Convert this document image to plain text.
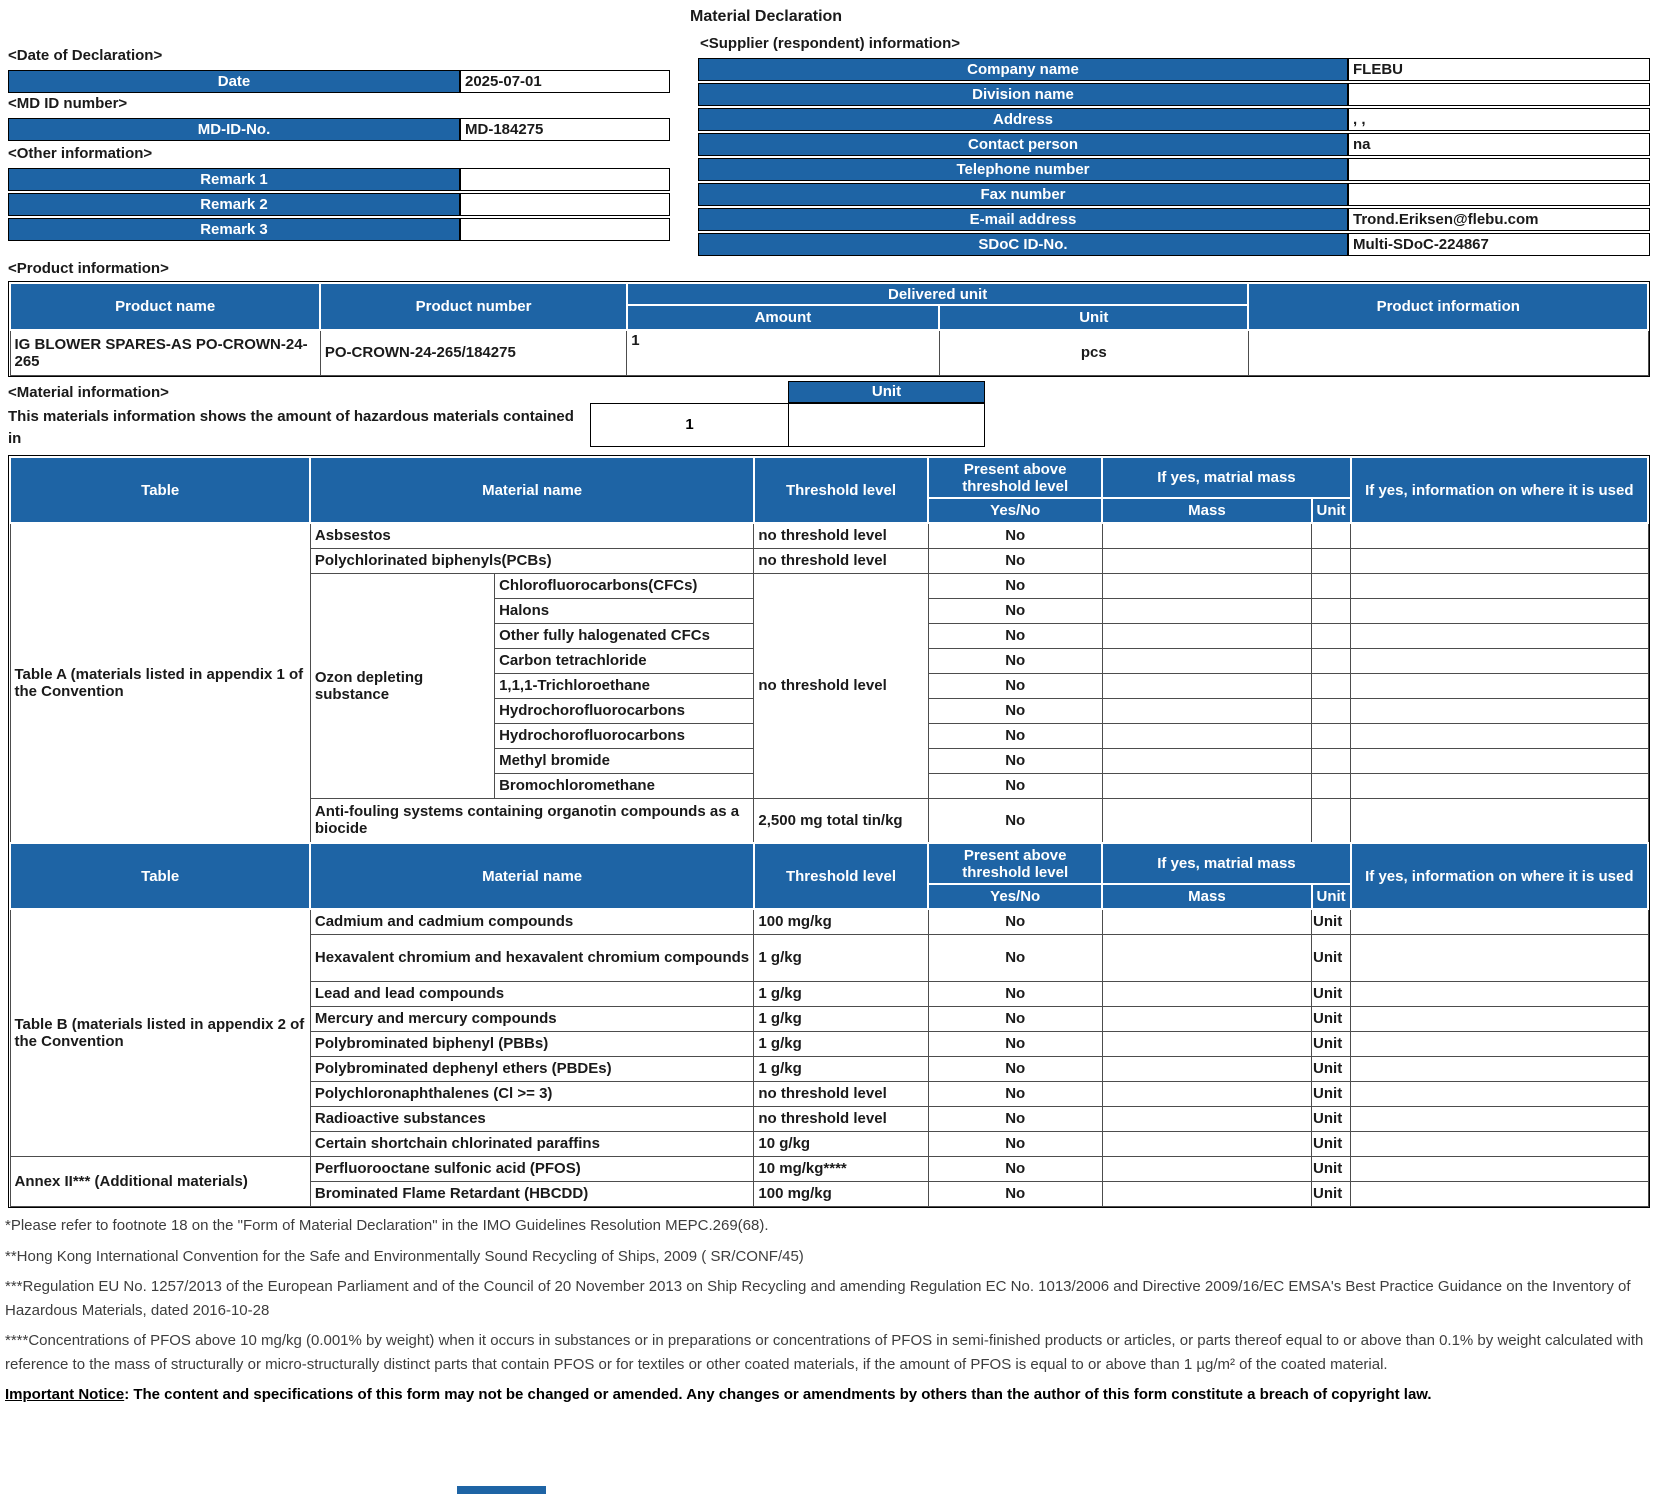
Material Declaration
<Date of Declaration>
Date	2025-07-01
<MD ID number>
MD-ID-No.	MD-184275
<Other information>
Remark 1	
Remark 2	
Remark 3	
<Supplier (respondent) information>
Company name	FLEBU
Division name	
Address	, ,
Contact person	na
Telephone number	
Fax number	
E-mail address	Trond.Eriksen@flebu.com
SDoC ID-No.	Multi-SDoC-224867
<Product information>
Product name	Product number	Delivered unit		Product information
		Amount	Unit	
IG BLOWER SPARES-AS PO-CROWN-24-265	PO-CROWN-24-265/184275	1	pcs	
<Material information>
This materials information shows the amount of hazardous materials contained in
Unit
1
Table	Material name		Threshold level	Present above threshold level	If yes, matrial mass		If yes, information on where it is used
				Yes/No	Mass	Unit	
Table A (materials listed in appendix 1 of the Convention	Asbsestos		no threshold level	No			
	Polychlorinated biphenyls(PCBs)		no threshold level	No			
	Ozon depleting substance	Chlorofluorocarbons(CFCs)	no threshold level	No			
		Halons		No			
		Other fully halogenated CFCs		No			
		Carbon tetrachloride		No			
		1,1,1-Trichloroethane		No			
		Hydrochorofluorocarbons		No			
		Hydrochorofluorocarbons		No			
		Methyl bromide		No			
		Bromochloromethane		No			
	Anti-fouling systems containing organotin compounds as a biocide		2,500 mg total tin/kg	No			
Table	Material name		Threshold level	Present above threshold level	If yes, matrial mass		If yes, information on where it is used
				Yes/No	Mass	Unit	
Table B (materials listed in appendix 2 of the Convention	Cadmium and cadmium compounds		100 mg/kg	No		Unit	
	Hexavalent chromium and hexavalent chromium compounds		1 g/kg	No		Unit	
	Lead and lead compounds		1 g/kg	No		Unit	
	Mercury and mercury compounds		1 g/kg	No		Unit	
	Polybrominated biphenyl (PBBs)		1 g/kg	No		Unit	
	Polybrominated dephenyl ethers (PBDEs)		1 g/kg	No		Unit	
	Polychloronaphthalenes (Cl >= 3)		no threshold level	No		Unit	
	Radioactive substances		no threshold level	No		Unit	
	Certain shortchain chlorinated paraffins		10 g/kg	No		Unit	
Annex II*** (Additional materials)	Perfluorooctane sulfonic acid (PFOS)		10 mg/kg****	No		Unit	
	Brominated Flame Retardant (HBCDD)		100 mg/kg	No		Unit	

*Please refer to footnote 18 on the "Form of Material Declaration" in the IMO Guidelines Resolution MEPC.269(68).

**Hong Kong International Convention for the Safe and Environmentally Sound Recycling of Ships, 2009 ( SR/CONF/45)

***Regulation EU No. 1257/2013 of the European Parliament and of the Council of 20 November 2013 on Ship Recycling and amending Regulation EC No. 1013/2006 and Directive 2009/16/EC EMSA's Best Practice Guidance on the Inventory of Hazardous Materials, dated 2016-10-28

****Concentrations of PFOS above 10 mg/kg (0.001% by weight) when it occurs in substances or in preparations or concentrations of PFOS in semi-finished products or articles, or parts thereof equal to or above than 0.1% by weight calculated with reference to the mass of structurally or micro-structurally distinct parts that contain PFOS or for textiles or other coated materials, if the amount of PFOS is equal to or above than 1 µg/m² of the coated material.

Important Notice: The content and specifications of this form may not be changed or amended. Any changes or amendments by others than the author of this form constitute a breach of copyright law.
